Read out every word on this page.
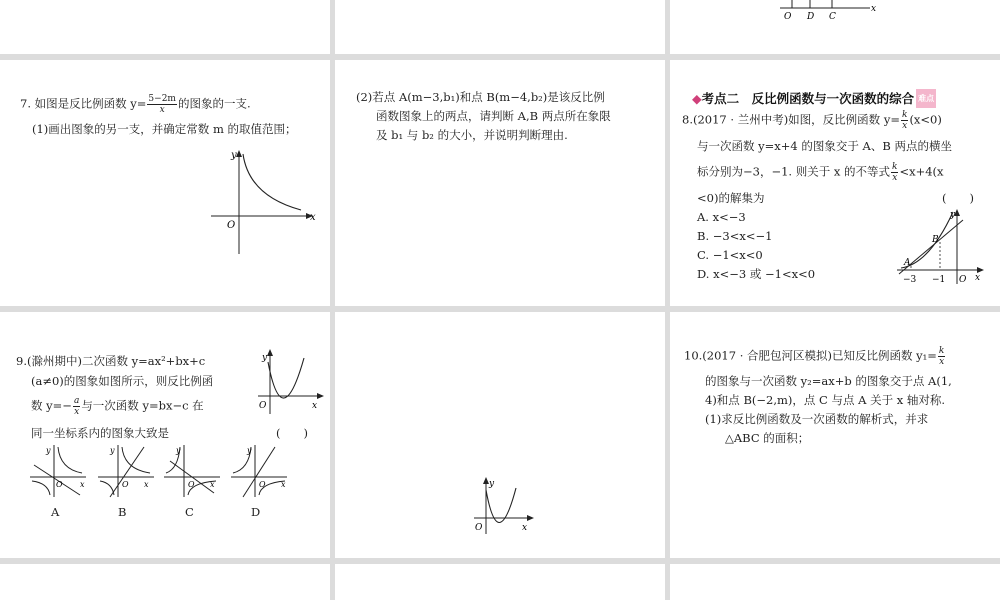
O D C
x
7. 如图是反比例函数 $y= \frac{5-2m}{x}$ 的图象的一支.
(1)画出图象的另一支，并确定常数 m 的取值范围；
y
x
O
(2)若点 A(m−3,b₁)和点 B(m−4,b₂)是该反比例
函数图象上的两点，请判断 A,B 两点所在象限
及 b₁ 与 b₂ 的大小，并说明判断理由.
◆考点二　反比例函数与一次函数的综合 难点
8.(2017 · 兰州中考)如图，反比例函数 $y= \frac{k}{x} (x<0)$
与一次函数 y=x+4 的图象交于 A、B 两点的横坐
标分别为−3，−1. 则关于 x 的不等式 $\frac{k}{x} <x+4(x$
<0)的解集为	(　　)
A. x<−3
B. −3<x<−1
C. −1<x<0
D. x<−3 或 −1<x<0
y
A
B
−3 −1 O x
9.(滁州期中)二次函数 y=ax²+bx+c
(a≠0)的图象如图所示，则反比例函
数 $y=- \frac{a}{x}$ 与一次函数 y=bx−c 在
同一坐标系内的图象大致是	(　　)
y
O	x
y
O x
y
O x
y
O x
y
O x
A	B	C	D
y
O	x
10.(2017 · 合肥包河区模拟)已知反比例函数 $y_1= \frac{k}{x}$
的图象与一次函数 y₂=ax+b 的图象交于点 A(1,
4)和点 B(−2,m)，点 C 与点 A 关于 x 轴对称.
(1)求反比例函数及一次函数的解析式，并求
△ABC 的面积；
